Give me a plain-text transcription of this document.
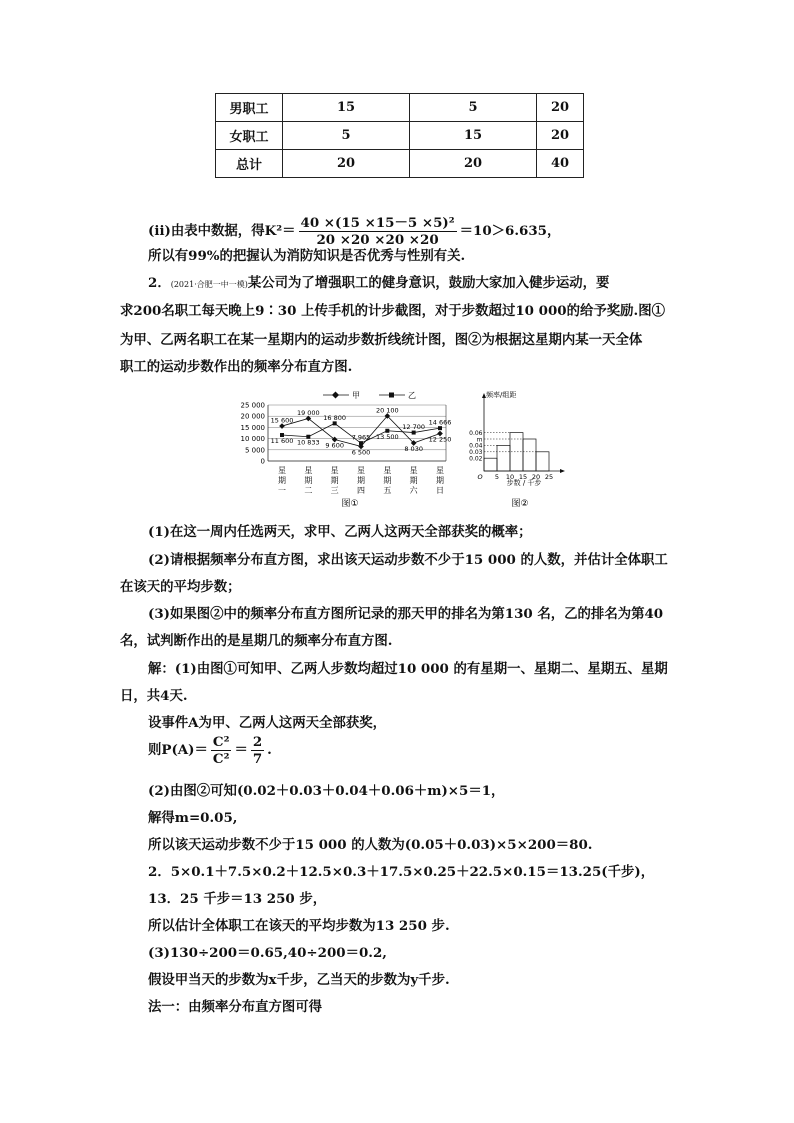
男职工	15	5	20
女职工	5	15	20
总计	20	20	40
(ⅱ)由表中数据，得$K^2= \frac{\text{40 ×(15 ×15－5 ×5)²}}{20 \times 20 \times 20 \times 20} =10>6.635$，
所以有99%的把握认为消防知识是否优秀与性别有关.
2．(2021·合肥一中一模)某公司为了增强职工的健身意识，鼓励大家加入健步运动，要
求200名职工每天晚上9∶30 上传手机的计步截图，对于步数超过10 000的给予奖励.图①
为甲、乙两名职工在某一星期内的运动步数折线统计图，图②为根据这星期内某一天全体
职工的运动步数作出的频率分布直方图.
甲	乙
0
5 000
10 000
15 000
20 000
25 000
15 600
19 000
9 600
6 500
20 100
8 030
12 250
11 600 10 833
16 800
7 965 13 500
12 700
14 666
星
期
一
星
期
二
星
期
三
星
期
四
星
期
五
星
期
六
星
期
日
图①
0.02
0.03
0.04
m
0.06
O 5 10 15 20 25
频率/组距
步数 / 千步
图②
(1)在这一周内任选两天，求甲、乙两人这两天全部获奖的概率；
(2)请根据频率分布直方图，求出该天运动步数不少于15 000 的人数，并估计全体职工
在该天的平均步数；
(3)如果图②中的频率分布直方图所记录的那天甲的排名为第130 名，乙的排名为第40
名，试判断作出的是星期几的频率分布直方图.
解：(1)由图①可知甲、乙两人步数均超过10 000 的有星期一、星期二、星期五、星期
日，共4天.
设事件A为甲、乙两人这两天全部获奖，
则$P(A)= \frac{\text{C²}}{\text{C²}} = \frac{2}{7}$ .
(2)由图②可知(0.02＋0.03＋0.04＋0.06＋m)×5＝1，
解得m=0.05,
所以该天运动步数不少于15 000 的人数为(0.05＋0.03)×5×200＝80.
2．5×0.1＋7.5×0.2＋12.5×0.3＋17.5×0.25＋22.5×0.15＝13.25(千步)，
13．25 千步＝13 250 步，
所以估计全体职工在该天的平均步数为13 250 步.
(3)130÷200＝0.65,40÷200＝0.2,
假设甲当天的步数为x千步，乙当天的步数为y千步.
法一：由频率分布直方图可得
